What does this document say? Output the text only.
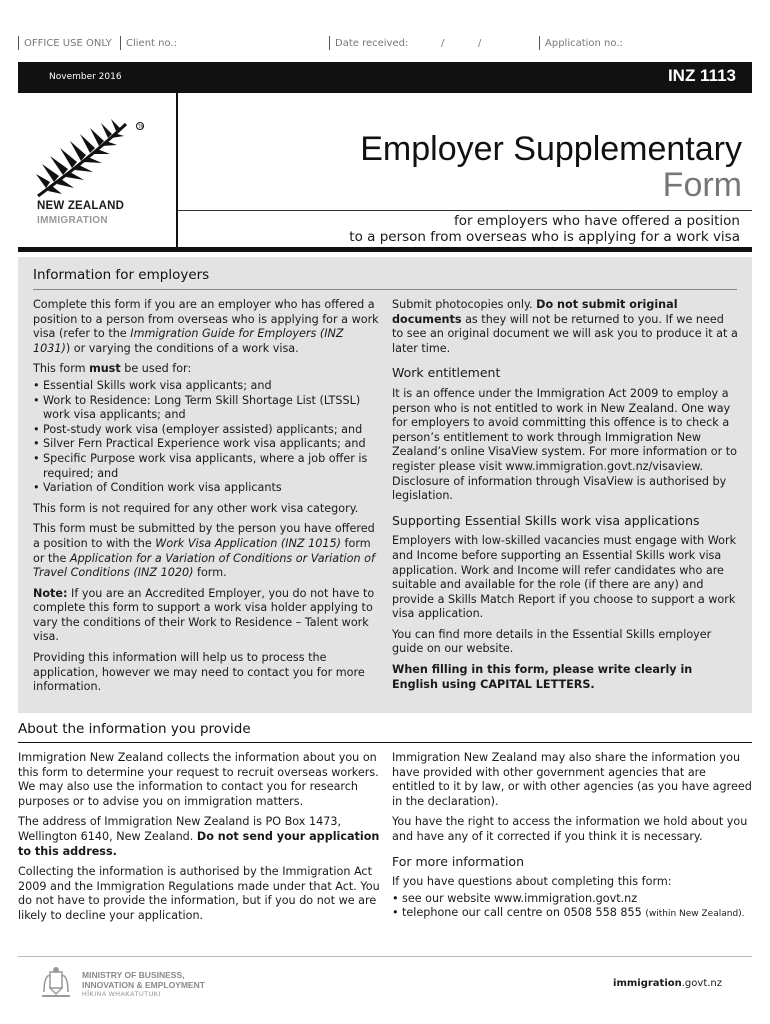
OFFICE USE ONLY Client no.:	Date received:	/	/	Application no.:
November 2016	INZ 1113
TM
NEW ZEALAND
IMMIGRATION
Employer Supplementary
Form
for employers who have offered a position
to a person from overseas who is applying for a work visa
Information for employers

Complete this form if you are an employer who has offered a position to a person from overseas who is applying for a work visa (refer to the Immigration Guide for Employers (INZ 1031)) or varying the conditions of a work visa.

This form must be used for:

• Essential Skills work visa applicants; and
• Work to Residence: Long Term Skill Shortage List (LTSSL) work visa applicants; and
• Post-study work visa (employer assisted) applicants; and
• Silver Fern Practical Experience work visa applicants; and
• Specific Purpose work visa applicants, where a job offer is required; and
• Variation of Condition work visa applicants

This form is not required for any other work visa category.

This form must be submitted by the person you have offered a position to with the Work Visa Application (INZ 1015) form or the Application for a Variation of Conditions or Variation of Travel Conditions (INZ 1020) form.

Note: If you are an Accredited Employer, you do not have to complete this form to support a work visa holder applying to vary the conditions of their Work to Residence – Talent work visa.

Providing this information will help us to process the application, however we may need to contact you for more information.

Submit photocopies only. Do not submit original documents as they will not be returned to you. If we need to see an original document we will ask you to produce it at a later time.

Work entitlement

It is an offence under the Immigration Act 2009 to employ a person who is not entitled to work in New Zealand. One way for employers to avoid committing this offence is to check a person’s entitlement to work through Immigration New Zealand’s online VisaView system. For more information or to register please visit www.immigration.govt.nz/visaview. Disclosure of information through VisaView is authorised by legislation.

Supporting Essential Skills work visa applications

Employers with low-skilled vacancies must engage with Work and Income before supporting an Essential Skills work visa application. Work and Income will refer candidates who are suitable and available for the role (if there are any) and provide a Skills Match Report if you choose to support a work visa application.

You can find more details in the Essential Skills employer guide on our website.

When filling in this form, please write clearly in English using CAPITAL LETTERS.

About the information you provide

Immigration New Zealand collects the information about you on this form to determine your request to recruit overseas workers. We may also use the information to contact you for research purposes or to advise you on immigration matters.

The address of Immigration New Zealand is PO Box 1473, Wellington 6140, New Zealand. Do not send your application to this address.

Collecting the information is authorised by the Immigration Act 2009 and the Immigration Regulations made under that Act. You do not have to provide the information, but if you do not we are likely to decline your application.

Immigration New Zealand may also share the information you have provided with other government agencies that are entitled to it by law, or with other agencies (as you have agreed in the declaration).

You have the right to access the information we hold about you and have any of it corrected if you think it is necessary.

For more information

If you have questions about completing this form:

• see our website www.immigration.govt.nz
• telephone our call centre on 0508 558 855 (within New Zealand).
MINISTRY OF BUSINESS,
INNOVATION & EMPLOYMENT
HĪKINA WHAKATUTUKI
immigration.govt.nz
